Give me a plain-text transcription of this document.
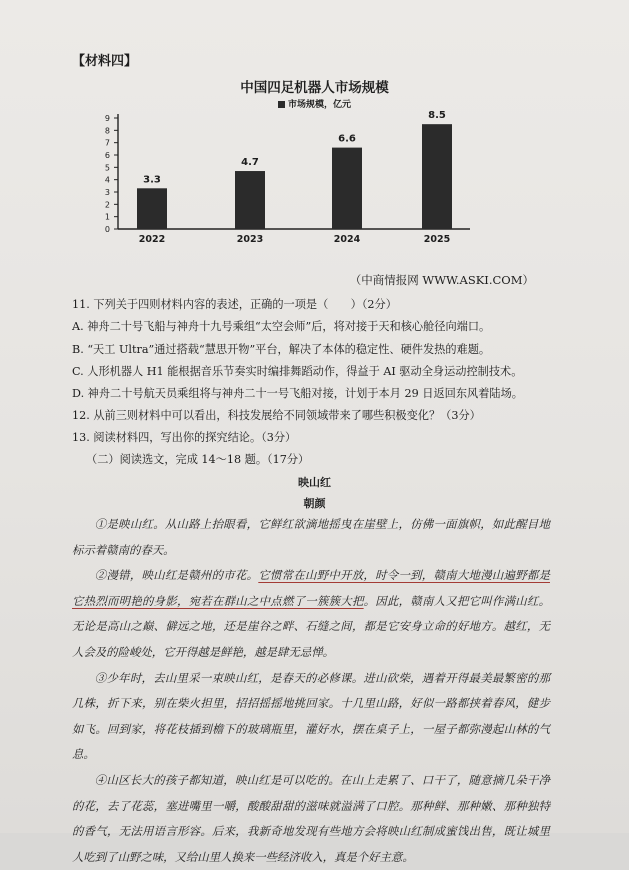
【材料四】
中国四足机器人市场规模
市场规模，亿元
0
1
2
3
4
5
6
7
8
9
3.3
2022
4.7
2023
6.6
2024
8.5
2025
（中商情报网 WWW.ASKI.COM）
11. 下列关于四则材料内容的表述，正确的一项是（　　）（2分）
A. 神舟二十号飞船与神舟十九号乘组“太空会师”后，将对接于天和核心舱径向端口。
B. “天工 Ultra”通过搭载“慧思开物”平台，解决了本体的稳定性、硬件发热的难题。
C. 人形机器人 H1 能根据音乐节奏实时编排舞蹈动作，得益于 AI 驱动全身运动控制技术。
D. 神舟二十号航天员乘组将与神舟二十一号飞船对接，计划于本月 29 日返回东风着陆场。
12. 从前三则材料中可以看出，科技发展给不同领域带来了哪些积极变化？（3分）
13. 阅读材料四，写出你的探究结论。（3分）
（二）阅读选文，完成 14～18 题。（17分）
映山红
朝颜

①是映山红。从山路上抬眼看，它鲜红欲滴地摇曳在崖壁上，仿佛一面旗帜，如此醒目地标示着赣南的春天。

②漫错，映山红是赣州的市花。它惯常在山野中开放，时令一到，赣南大地漫山遍野都是它热烈而明艳的身影，宛若在群山之中点燃了一簇簇大把。因此，赣南人又把它叫作满山红。无论是高山之巅、僻远之地，还是崖谷之畔、石缝之间，都是它安身立命的好地方。越红，无人会及的险峻处，它开得越是鲜艳，越是肆无忌惮。

③少年时，去山里采一束映山红，是春天的必修课。进山砍柴，遇着开得最美最繁密的那几株，折下来，别在柴火担里，招招摇摇地挑回家。十几里山路，好似一路都挟着春风，健步如飞。回到家，将花枝插到檐下的玻璃瓶里，灌好水，摆在桌子上，一屋子都弥漫起山林的气息。

④山区长大的孩子都知道，映山红是可以吃的。在山上走累了、口干了，随意摘几朵干净的花，去了花蕊，塞进嘴里一嚼，酸酸甜甜的滋味就溢满了口腔。那种鲜、那种嫩、那种独特的香气，无法用语言形容。后来，我新奇地发现有些地方会将映山红制成蜜饯出售，既让城里人吃到了山野之味，又给山里人换来一些经济收入，真是个好主意。
